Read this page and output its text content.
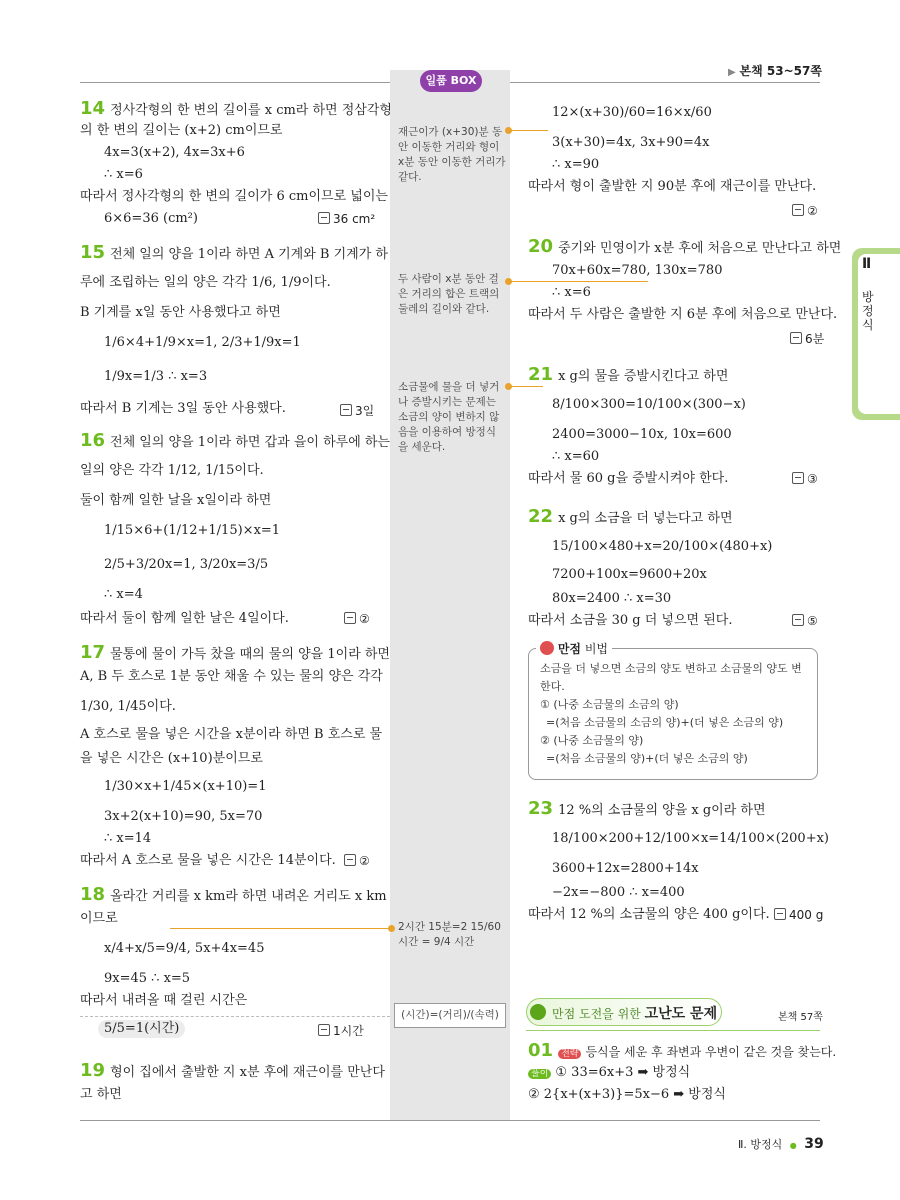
▶ 본책 53~57쪽
일품 BOX
재근이가 (x+30)분 동안 이동한 거리와 형이 x분 동안 이동한 거리가 같다.
두 사람이 x분 동안 걸은 거리의 합은 트랙의 둘레의 길이와 같다.
소금물에 물을 더 넣거나 증발시키는 문제는 소금의 양이 변하지 않음을 이용하여 방정식을 세운다.
2시간 15분=2 15/60 시간 = 9/4 시간
(시간)=(거리)/(속력)
14 정사각형의 한 변의 길이를 x cm라 하면 정삼각형
의 한 변의 길이는 (x+2) cm이므로
4x=3(x+2), 4x=3x+6
∴ x=6
따라서 정사각형의 한 변의 길이가 6 cm이므로 넓이는
6×6=36 (cm²)	36 cm²
15 전체 일의 양을 1이라 하면 A 기계와 B 기계가 하
루에 조립하는 일의 양은 각각 1/6, 1/9이다.
B 기계를 x일 동안 사용했다고 하면
1/6×4+1/9×x=1, 2/3+1/9x=1
1/9x=1/3 ∴ x=3
따라서 B 기계는 3일 동안 사용했다.	3일
16 전체 일의 양을 1이라 하면 갑과 을이 하루에 하는
일의 양은 각각 1/12, 1/15이다.
둘이 함께 일한 날을 x일이라 하면
1/15×6+(1/12+1/15)×x=1
2/5+3/20x=1, 3/20x=3/5
∴ x=4
따라서 둘이 함께 일한 날은 4일이다.	②
17 물통에 물이 가득 찼을 때의 물의 양을 1이라 하면
A, B 두 호스로 1분 동안 채울 수 있는 물의 양은 각각
1/30, 1/45이다.
A 호스로 물을 넣은 시간을 x분이라 하면 B 호스로 물
을 넣은 시간은 (x+10)분이므로
1/30×x+1/45×(x+10)=1
3x+2(x+10)=90, 5x=70
∴ x=14
따라서 A 호스로 물을 넣은 시간은 14분이다.	②
18 올라간 거리를 x km라 하면 내려온 거리도 x km
이므로
x/4+x/5=9/4, 5x+4x=45
9x=45 ∴ x=5
따라서 내려올 때 걸린 시간은
5/5=1(시간)	1시간
19 형이 집에서 출발한 지 x분 후에 재근이를 만난다
고 하면
12×(x+30)/60=16×x/60
3(x+30)=4x, 3x+90=4x
∴ x=90
따라서 형이 출발한 지 90분 후에 재근이를 만난다.
②
20 중기와 민영이가 x분 후에 처음으로 만난다고 하면
70x+60x=780, 130x=780
∴ x=6
따라서 두 사람은 출발한 지 6분 후에 처음으로 만난다.
6분
21 x g의 물을 증발시킨다고 하면
8/100×300=10/100×(300−x)
2400=3000−10x, 10x=600
∴ x=60
따라서 물 60 g을 증발시켜야 한다.	③
22 x g의 소금을 더 넣는다고 하면
15/100×480+x=20/100×(480+x)
7200+100x=9600+20x
80x=2400 ∴ x=30
따라서 소금을 30 g 더 넣으면 된다.	⑤
만점 비법
소금을 더 넣으면 소금의 양도 변하고 소금물의 양도 변
한다.
① (나중 소금물의 소금의 양)
=(처음 소금물의 소금의 양)+(더 넣은 소금의 양)
② (나중 소금물의 양)
=(처음 소금물의 양)+(더 넣은 소금의 양)
23 12 %의 소금물의 양을 x g이라 하면
18/100×200+12/100×x=14/100×(200+x)
3600+12x=2800+14x
−2x=−800 ∴ x=400
따라서 12 %의 소금물의 양은 400 g이다.	400 g
만점 도전을 위한 고난도 문제	본책 57쪽
01 전략 등식을 세운 후 좌변과 우변이 같은 것을 찾는다.
풀이 ① 33=6x+3 ➡ 방정식
② 2{x+(x+3)}=5x−6 ➡ 방정식
Ⅱ
방정식
Ⅱ. 방정식 ● 39
